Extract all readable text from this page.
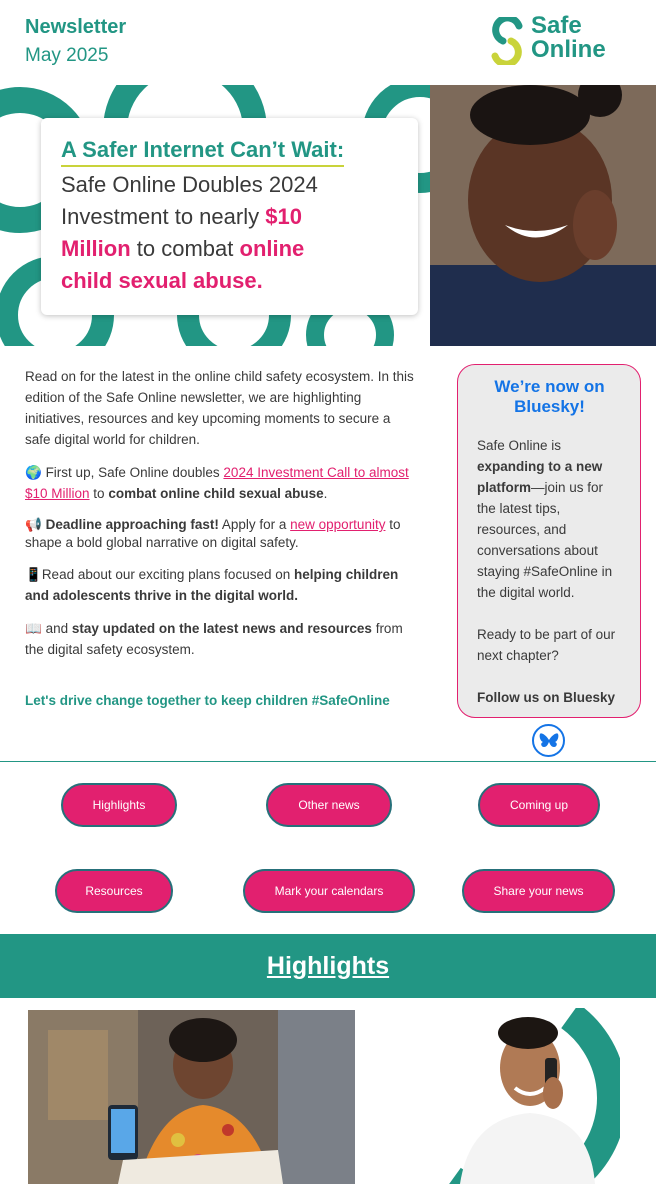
Newsletter
May 2025
Safe
Online
A Safer Internet Can’t Wait:
Safe Online Doubles 2024
Investment to nearly $10
Million to combat online
child sexual abuse.

Read on for the latest in the online child safety ecosystem. In this edition of the Safe Online newsletter, we are highlighting initiatives, resources and key upcoming moments to secure a safe digital world for children.

🌍 First up, Safe Online doubles 2024 Investment Call to almost $10 Million to combat online child sexual abuse.

📢 Deadline approaching fast! Apply for a new opportunity to shape a bold global narrative on digital safety.

📱Read about our exciting plans focused on helping children and adolescents thrive in the digital world.

📖 and stay updated on the latest news and resources from the digital safety ecosystem.

Let's drive change together to keep children #SafeOnline

We’re now on Bluesky!
Safe Online is expanding to a new platform—join us for the latest tips, resources, and conversations about staying #SafeOnline in the digital world.

Ready to be part of our next chapter?

Follow us on Bluesky
Highlights	Other news	Coming up
Resources	Mark your calendars	Share your news
Highlights
